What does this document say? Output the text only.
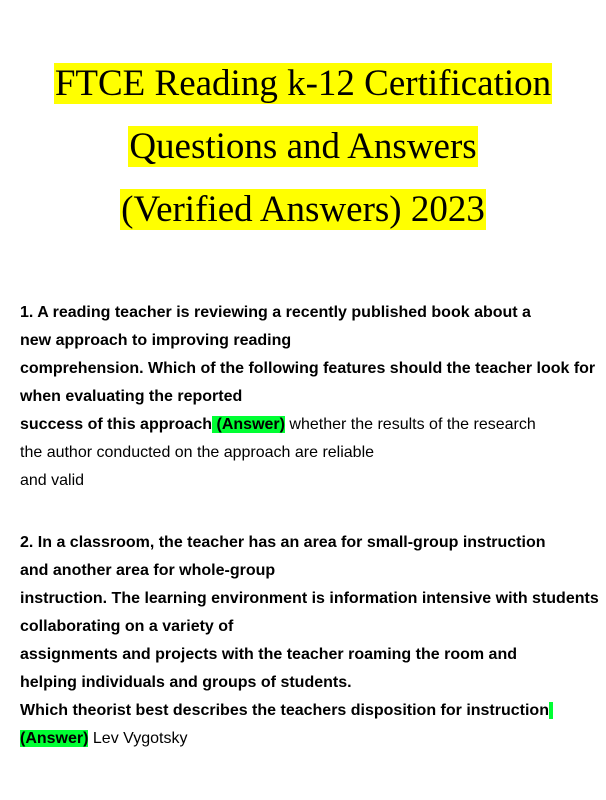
FTCE Reading k-12 Certification
Questions and Answers
(Verified Answers) 2023
1. A reading teacher is reviewing a recently published book about a
new approach to improving reading
comprehension. Which of the following features should the teacher look for
when evaluating the reported
success of this approach (Answer) whether the results of the research
the author conducted on the approach are reliable
and valid
2. In a classroom, the teacher has an area for small-group instruction
and another area for whole-group
instruction. The learning environment is information intensive with students
collaborating on a variety of
assignments and projects with the teacher roaming the room and
helping individuals and groups of students.
Which theorist best describes the teachers disposition for instruction
(Answer) Lev Vygotsky
